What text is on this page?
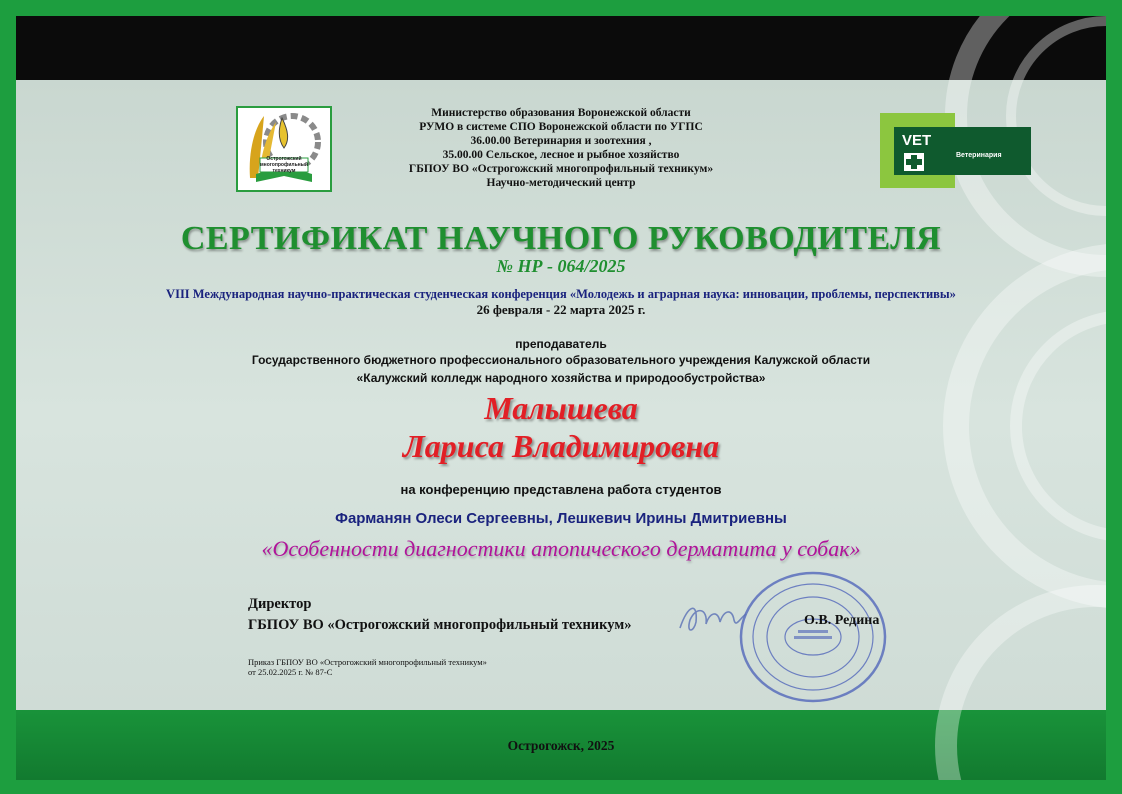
Острогожский многопрофильный техникум
VET
Ветеринария
Министерство образования Воронежской области
РУМО в системе СПО Воронежской области по УГПС
36.00.00 Ветеринария и зоотехния ,
35.00.00 Сельское, лесное и рыбное хозяйство
ГБПОУ ВО «Острогожский многопрофильный техникум»
Научно-методический центр
СЕРТИФИКАТ НАУЧНОГО РУКОВОДИТЕЛЯ
№ НР - 064/2025
VIII Международная научно-практическая студенческая конференция «Молодежь и аграрная наука: инновации, проблемы, перспективы»
26 февраля - 22 марта 2025 г.
преподаватель
Государственного бюджетного профессионального образовательного учреждения Калужской области
«Калужский колледж народного хозяйства и природообустройства»
Малышева
Лариса Владимировна
на конференцию представлена работа студентов
Фарманян Олеси Сергеевны, Лешкевич Ирины Дмитриевны
«Особенности диагностики атопического дерматита у собак»
Директор
ГБПОУ ВО «Острогожский многопрофильный техникум»	О.В. Редина
Приказ ГБПОУ ВО «Острогожский многопрофильный техникум»
от 25.02.2025 г. № 87-С
Острогожск, 2025
